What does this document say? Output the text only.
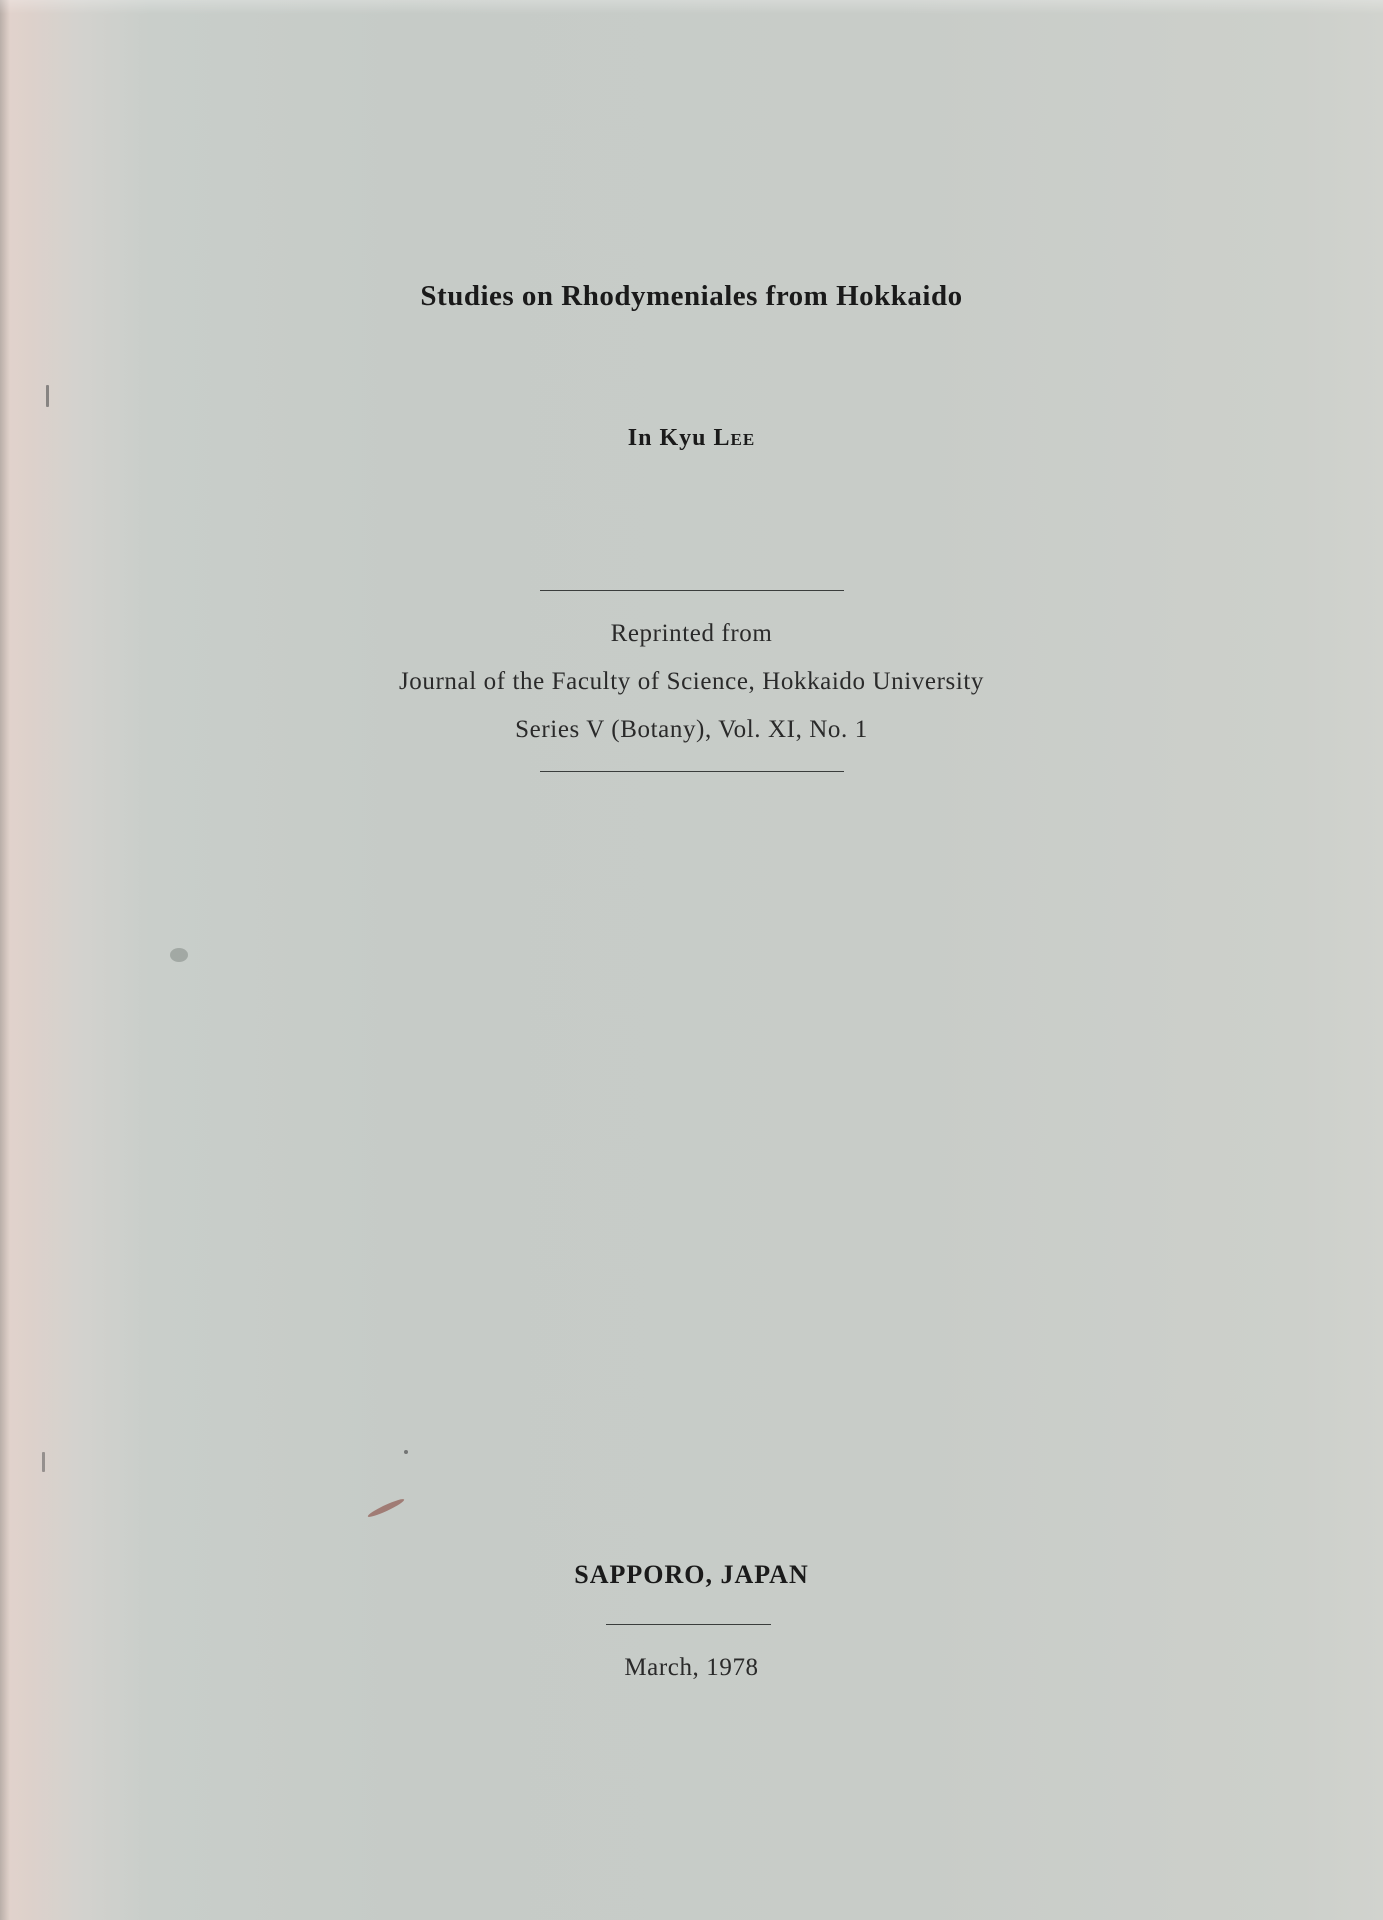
Studies on Rhodymeniales from Hokkaido
In Kyu Lee
Reprinted from
Journal of the Faculty of Science, Hokkaido University
Series V (Botany), Vol. XI, No. 1
SAPPORO, JAPAN
March, 1978
